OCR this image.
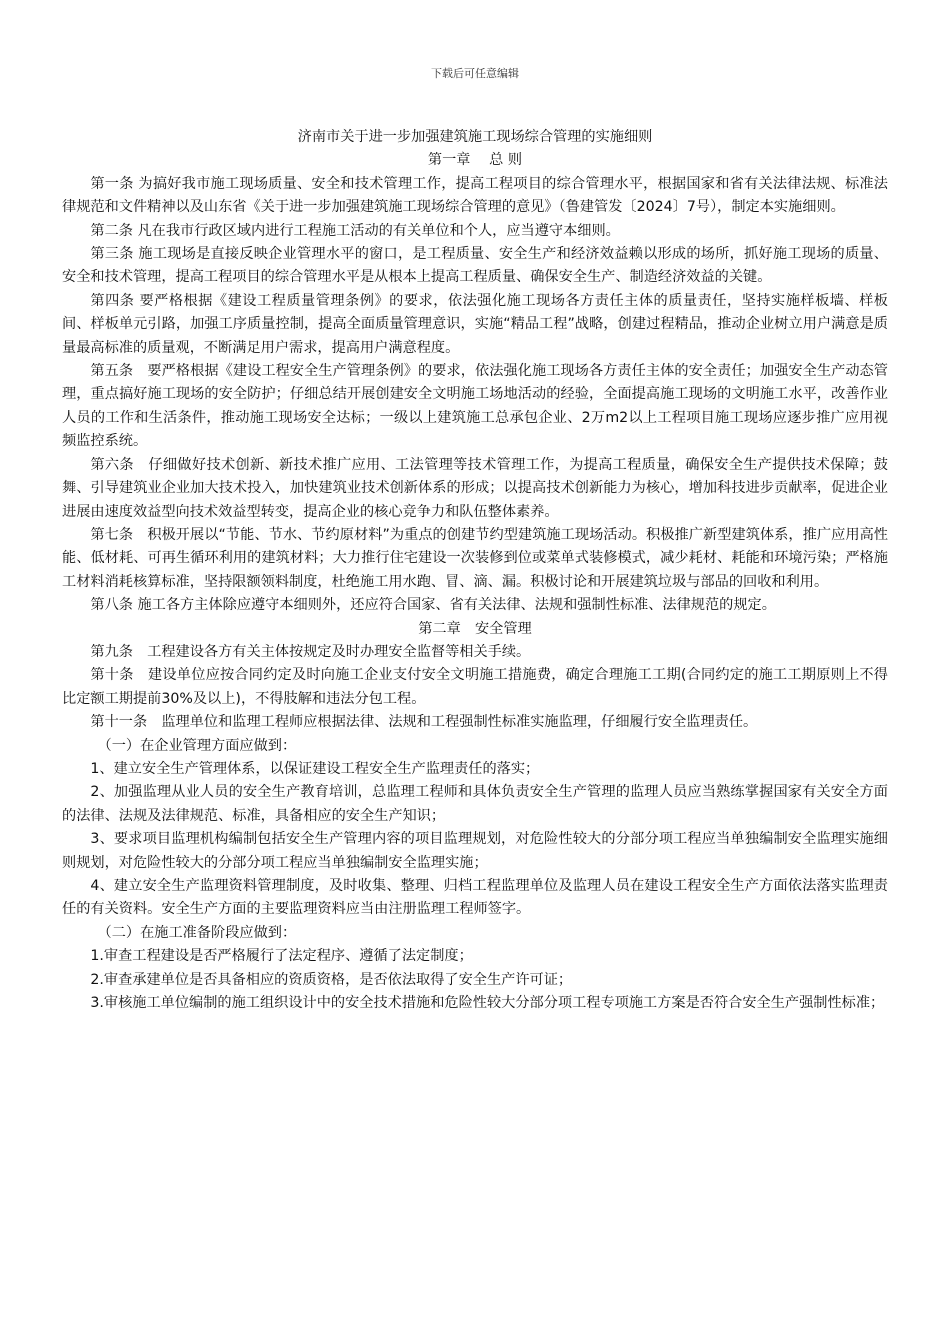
下载后可任意编辑

济南市关于进一步加强建筑施工现场综合管理的实施细则

第一章　 总 则

第一条 为搞好我市施工现场质量、安全和技术管理工作，提高工程项目的综合管理水平，根据国家和省有关法律法规、标准法律规范和文件精神以及山东省《关于进一步加强建筑施工现场综合管理的意见》（鲁建管发〔2024〕7号），制定本实施细则。

第二条 凡在我市行政区域内进行工程施工活动的有关单位和个人，应当遵守本细则。

第三条 施工现场是直接反映企业管理水平的窗口，是工程质量、安全生产和经济效益赖以形成的场所，抓好施工现场的质量、安全和技术管理，提高工程项目的综合管理水平是从根本上提高工程质量、确保安全生产、制造经济效益的关键。

第四条 要严格根据《建设工程质量管理条例》的要求，依法强化施工现场各方责任主体的质量责任，坚持实施样板墙、样板间、样板单元引路，加强工序质量控制，提高全面质量管理意识，实施“精品工程”战略，创建过程精品，推动企业树立用户满意是质量最高标准的质量观，不断满足用户需求，提高用户满意程度。

第五条　要严格根据《建设工程安全生产管理条例》的要求，依法强化施工现场各方责任主体的安全责任；加强安全生产动态管理，重点搞好施工现场的安全防护；仔细总结开展创建安全文明施工场地活动的经验，全面提高施工现场的文明施工水平，改善作业人员的工作和生活条件，推动施工现场安全达标；一级以上建筑施工总承包企业、2万m2以上工程项目施工现场应逐步推广应用视频监控系统。

第六条　仔细做好技术创新、新技术推广应用、工法管理等技术管理工作，为提高工程质量，确保安全生产提供技术保障；鼓舞、引导建筑业企业加大技术投入，加快建筑业技术创新体系的形成；以提高技术创新能力为核心，增加科技进步贡献率，促进企业进展由速度效益型向技术效益型转变，提高企业的核心竞争力和队伍整体素养。

第七条　积极开展以“节能、节水、节约原材料”为重点的创建节约型建筑施工现场活动。积极推广新型建筑体系，推广应用高性能、低材耗、可再生循环利用的建筑材料；大力推行住宅建设一次装修到位或菜单式装修模式，减少耗材、耗能和环境污染；严格施工材料消耗核算标准，坚持限额领料制度，杜绝施工用水跑、冒、滴、漏。积极讨论和开展建筑垃圾与部品的回收和利用。

第八条 施工各方主体除应遵守本细则外，还应符合国家、省有关法律、法规和强制性标准、法律规范的规定。

第二章　安全管理

第九条　工程建设各方有关主体按规定及时办理安全监督等相关手续。

第十条　建设单位应按合同约定及时向施工企业支付安全文明施工措施费，确定合理施工工期(合同约定的施工工期原则上不得比定额工期提前30%及以上)，不得肢解和违法分包工程。

第十一条　监理单位和监理工程师应根据法律、法规和工程强制性标准实施监理，仔细履行安全监理责任。

（一）在企业管理方面应做到：

1、建立安全生产管理体系，以保证建设工程安全生产监理责任的落实；

2、加强监理从业人员的安全生产教育培训，总监理工程师和具体负责安全生产管理的监理人员应当熟练掌握国家有关安全方面的法律、法规及法律规范、标准，具备相应的安全生产知识；

3、要求项目监理机构编制包括安全生产管理内容的项目监理规划，对危险性较大的分部分项工程应当单独编制安全监理实施细则规划，对危险性较大的分部分项工程应当单独编制安全监理实施；

4、建立安全生产监理资料管理制度，及时收集、整理、归档工程监理单位及监理人员在建设工程安全生产方面依法落实监理责任的有关资料。安全生产方面的主要监理资料应当由注册监理工程师签字。

（二）在施工准备阶段应做到：

1.审查工程建设是否严格履行了法定程序、遵循了法定制度；

2.审查承建单位是否具备相应的资质资格，是否依法取得了安全生产许可证；

3.审核施工单位编制的施工组织设计中的安全技术措施和危险性较大分部分项工程专项施工方案是否符合安全生产强制性标准；
